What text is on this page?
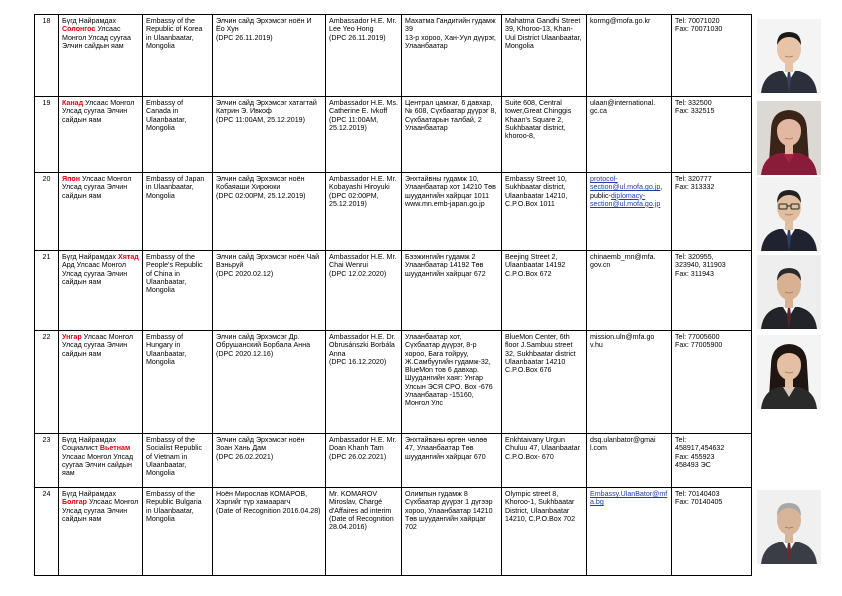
18	Бүгд Найрамдах Солонгос Улсаас Монгол Улсад суугаа Элчин сайдын яам	Embassy of the Republic of Korea in Ulaanbaatar, Mongolia	Элчин сайд Эрхэмсэг ноён И Ёо Хун
(DPC 26.11.2019)	Ambassador H.E. Mr. Lee Yeo Hong
(DPC 26.11.2019)	Махатма Гандигийн гудамж 39
13-р хороо, Хан-Уул дүүрэг, Улаанбаатар	Mahatma Gandhi Street 39, Khoroo-13, Khan-Uul District Ulaanbaatar, Mongolia	kormg@mofa.go.kr	Tel: 70071020
Fax: 70071030

19	Канад Улсаас Монгол Улсад суугаа Элчин сайдын яам	Embassy of Canada in Ulaanbaatar, Mongolia	Элчин сайд Эрхэмсэг хатагтай Катрин Э. Ивкоф
(DPC 11:00AM, 25.12.2019)	Ambassador H.E. Ms. Catherine E. Ivkoff
(DPC 11:00AM, 25.12.2019)	Централ цамхаг, 6 давхар, № 608, Сүхбаатар дүүрэг 8, Сүхбаатарын талбай, 2 Улаанбаатар	Suite 608, Central tower,Great Chinggis Khaan's Square 2, Sukhbaatar district, khoroo-8,	ulaan@international.
gc.ca	Tel: 332500
Fax: 332515

20	Япон Улсаас Монгол Улсад суугаа Элчин сайдын яам	Embassy of Japan in Ulaanbaatar, Mongolia	Элчин сайд Эрхэмсэг ноён Кобаяаши Хироюки
(DPC 02:00PM, 25.12.2019)	Ambassador H.E. Mr. Kobayashi Hiroyuki
(DPC 02:00PM, 25.12.2019)	Энхтайвны гудамж 10, Улаанбаатар хот 14210 Төв шуудангийн хайрцаг 1011 www.mn.emb-japan.go.jp	Embassy Street 10, Sukhbaatar district, Ulaanbaatar 14210, C.P.O.Box 1011	protocol-section@ul.mofa.go.jp, public-diplomacy-section@ul.mofa.go.jp	Tel: 320777
Fax: 313332

21	Бүгд Найрамдах Хятад Ард Улсаас Монгол Улсад суугаа Элчин сайдын яам	Embassy of the People's Republic of China in Ulaanbaatar, Mongolia	Элчин сайд Эрхэмсэг ноён Чай Вэньруй
(DPC 2020.02.12)	Ambassador H.E. Mr. Chai Wenrui
(DPC 12.02.2020)	Бээжингийн гудамж 2 Улаанбаатар 14192 Төв шуудангийн хайрцаг 672	Beejing Street 2, Ulaanbaatar 14192 C.P.O.Box 672	chinaemb_mn@mfa.
gov.cn	Tel: 320955,
323940, 311903
Fax: 311943

22	Унгар Улсаас Монгол Улсад суугаа Элчин сайдын яам	Embassy of Hungary in Ulaanbaatar, Mongolia	Элчин сайд Эрхэмсэг Др. Обрушанский Борбала Анна
(DPC 2020.12.16)	Ambassador H.E. Dr. Obrusánszki Borbála Anna
(DPC 16.12.2020)	Улаанбаатар хот, Сүхбаатар дүүрэг, 8-р хороо, Бага тойруу, Ж.Самбуугийн гудамж-32, BlueMon тов 6 давхар. Шуудангийн хаяг: Унгар Улсын ЭСЯ CPO. Box -676 Улаанбаатар -15160, Монгол Улс	BlueMon Center, 6th floor J.Sambuu street 32, Sukhbaatar district Ulaanbaatar 14210 C.P.O.Box 676	mission.uln@mfa.go
v.hu	Tel: 77005600
Fax: 77005900

23	Бүгд Найрамдах Социалист Вьетнам Улсаас Монгол Улсад суугаа Элчин сайдын яам	Embassy of the Socialist Republic of Vietnam in Ulaanbaatar, Mongolia	Элчин сайд Эрхэмсэг ноён Зоан Хань Дам
(DPC 26.02.2021)	Ambassador H.E. Mr. Doan Khanh Tam
(DPC 26.02.2021)	Энхтайваны өргөн чөлөө 47, Улаанбаатар Төв шуудангийн хайрцаг 670	Enkhtaivany Urgun Chuluu 47, Ulaanbaatar C.P.O.Box- 670	dsq.ulanbator@gmai
l.com	Tel:
458917,454632
Fax: 455923
458493 ЭС

24	Бүгд Найрамдах Болгар Улсаас Монгол Улсад суугаа Элчин сайдын яам	Embassy of the Republic Bulgaria in Ulaanbaatar, Mongolia	Ноён Мирослав КОМАРОВ, Хэргийг түр хамаарагч
(Date of Recognition 2016.04.28)	Mr. KOMAROV Miroslav, Chargé d'Affaires ad interim
(Date of Recognition 28.04.2016)	Олимпын гудамж 8 Сүхбаатар дүүрэг 1 дүгээр хороо, Улаанбаатар 14210 Төв шуудангийн хайрцаг 702	Olympic street 8, Khoroo-1, Sukhbaatar District, Ulaanbaatar 14210, C.P.O.Box 702	Embassy.UlanBator@mfa.bg	Tel: 70140403
Fax: 70140405
